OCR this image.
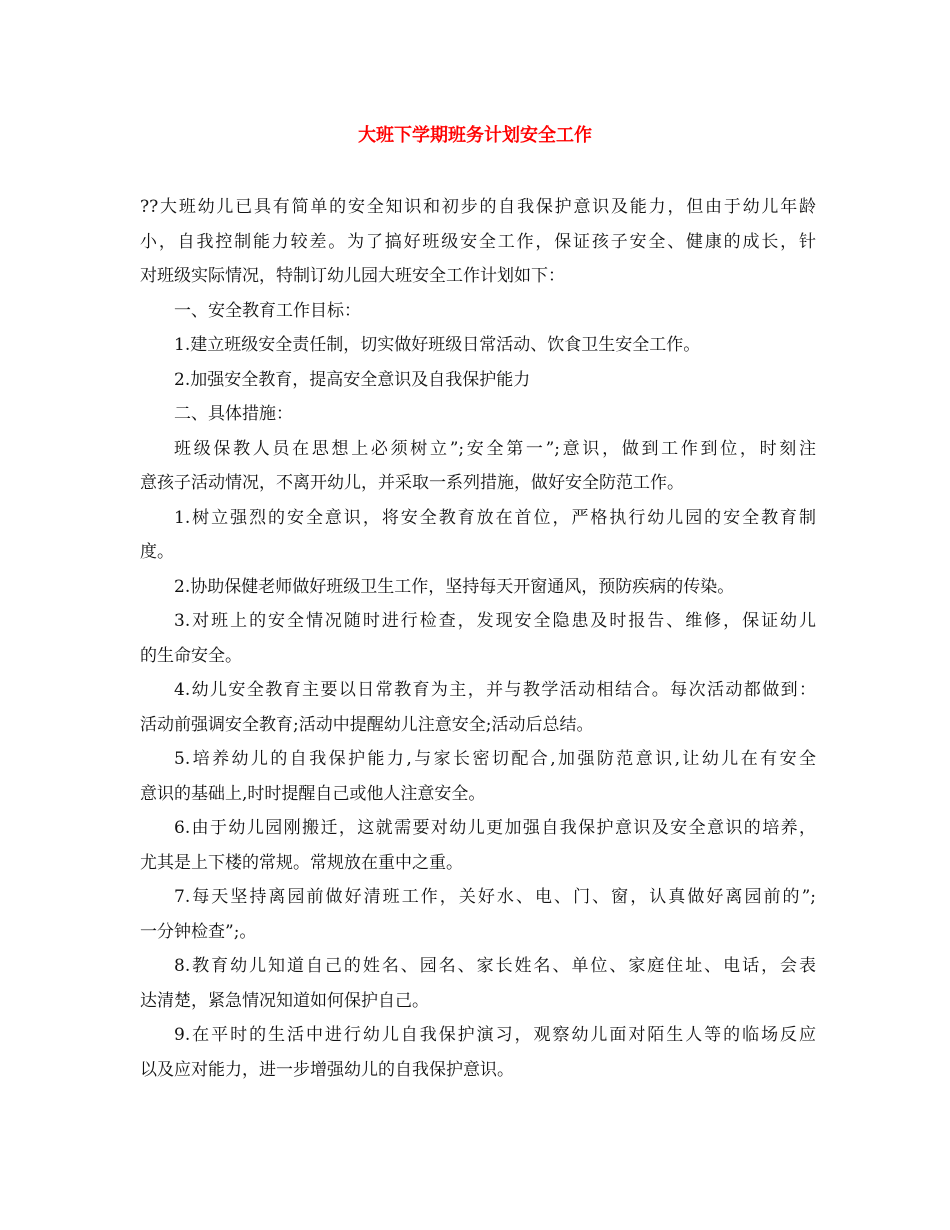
大班下学期班务计划安全工作
??大班幼儿已具有简单的安全知识和初步的自我保护意识及能力，但由于幼儿年龄
小，自我控制能力较差。为了搞好班级安全工作，保证孩子安全、健康的成长，针
对班级实际情况，特制订幼儿园大班安全工作计划如下：
一、安全教育工作目标：
1.建立班级安全责任制，切实做好班级日常活动、饮食卫生安全工作。
2.加强安全教育，提高安全意识及自我保护能力
二、具体措施：
班级保教人员在思想上必须树立”;安全第一”;意识，做到工作到位，时刻注
意孩子活动情况，不离开幼儿，并采取一系列措施，做好安全防范工作。
1.树立强烈的安全意识，将安全教育放在首位，严格执行幼儿园的安全教育制
度。
2.协助保健老师做好班级卫生工作，坚持每天开窗通风，预防疾病的传染。
3.对班上的安全情况随时进行检查，发现安全隐患及时报告、维修，保证幼儿
的生命安全。
4.幼儿安全教育主要以日常教育为主，并与教学活动相结合。每次活动都做到：
活动前强调安全教育;活动中提醒幼儿注意安全;活动后总结。
5.培养幼儿的自我保护能力,与家长密切配合,加强防范意识,让幼儿在有安全
意识的基础上,时时提醒自己或他人注意安全。
6.由于幼儿园刚搬迁，这就需要对幼儿更加强自我保护意识及安全意识的培养，
尤其是上下楼的常规。常规放在重中之重。
7.每天坚持离园前做好清班工作，关好水、电、门、窗，认真做好离园前的”;
一分钟检查”;。
8.教育幼儿知道自己的姓名、园名、家长姓名、单位、家庭住址、电话，会表
达清楚，紧急情况知道如何保护自己。
9.在平时的生活中进行幼儿自我保护演习，观察幼儿面对陌生人等的临场反应
以及应对能力，进一步增强幼儿的自我保护意识。
